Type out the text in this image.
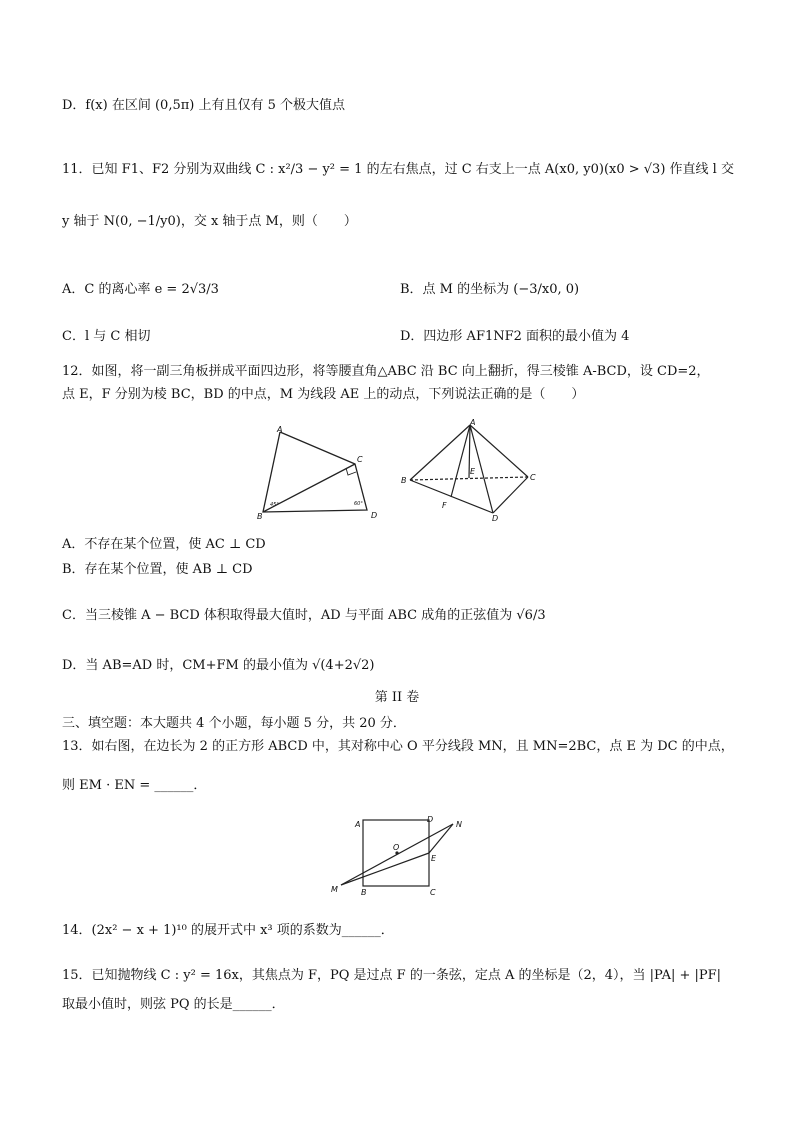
D．f(x) 在区间 (0,5π) 上有且仅有 5 个极大值点
11．已知 F1、F2 分别为双曲线 C : x²/3 − y² = 1 的左右焦点，过 C 右支上一点 A(x0, y0)(x0 > √3) 作直线 l 交
y 轴于 N(0, −1/y0)，交 x 轴于点 M，则（　　）
A．C 的离心率 e = 2√3/3	B．点 M 的坐标为 (−3/x0, 0)
C．l 与 C 相切	D．四边形 AF1NF2 面积的最小值为 4
12．如图，将一副三角板拼成平面四边形，将等腰直角△ABC 沿 BC 向上翻折，得三棱锥 A-BCD，设 CD=2，
点 E，F 分别为棱 BC，BD 的中点，M 为线段 AE 上的动点，下列说法正确的是（　　）
A
B
C
D
45°	60°
A
B	C
D
E
F
A．不存在某个位置，使 AC ⊥ CD
B．存在某个位置，使 AB ⊥ CD
C．当三棱锥 A − BCD 体积取得最大值时，AD 与平面 ABC 成角的正弦值为 √6/3
D．当 AB=AD 时，CM+FM 的最小值为 √(4+2√2)
第 II 卷
三、填空题：本大题共 4 个小题，每小题 5 分，共 20 分．
13．如右图，在边长为 2 的正方形 ABCD 中，其对称中心 O 平分线段 MN，且 MN=2BC，点 E 为 DC 的中点，
则 EM · EN = ______．
A
B	C
D
E
M
N
O
14．(2x² − x + 1)¹⁰ 的展开式中 x³ 项的系数为______．
15．已知抛物线 C : y² = 16x，其焦点为 F，PQ 是过点 F 的一条弦，定点 A 的坐标是（2，4），当 |PA| + |PF|
取最小值时，则弦 PQ 的长是______．
